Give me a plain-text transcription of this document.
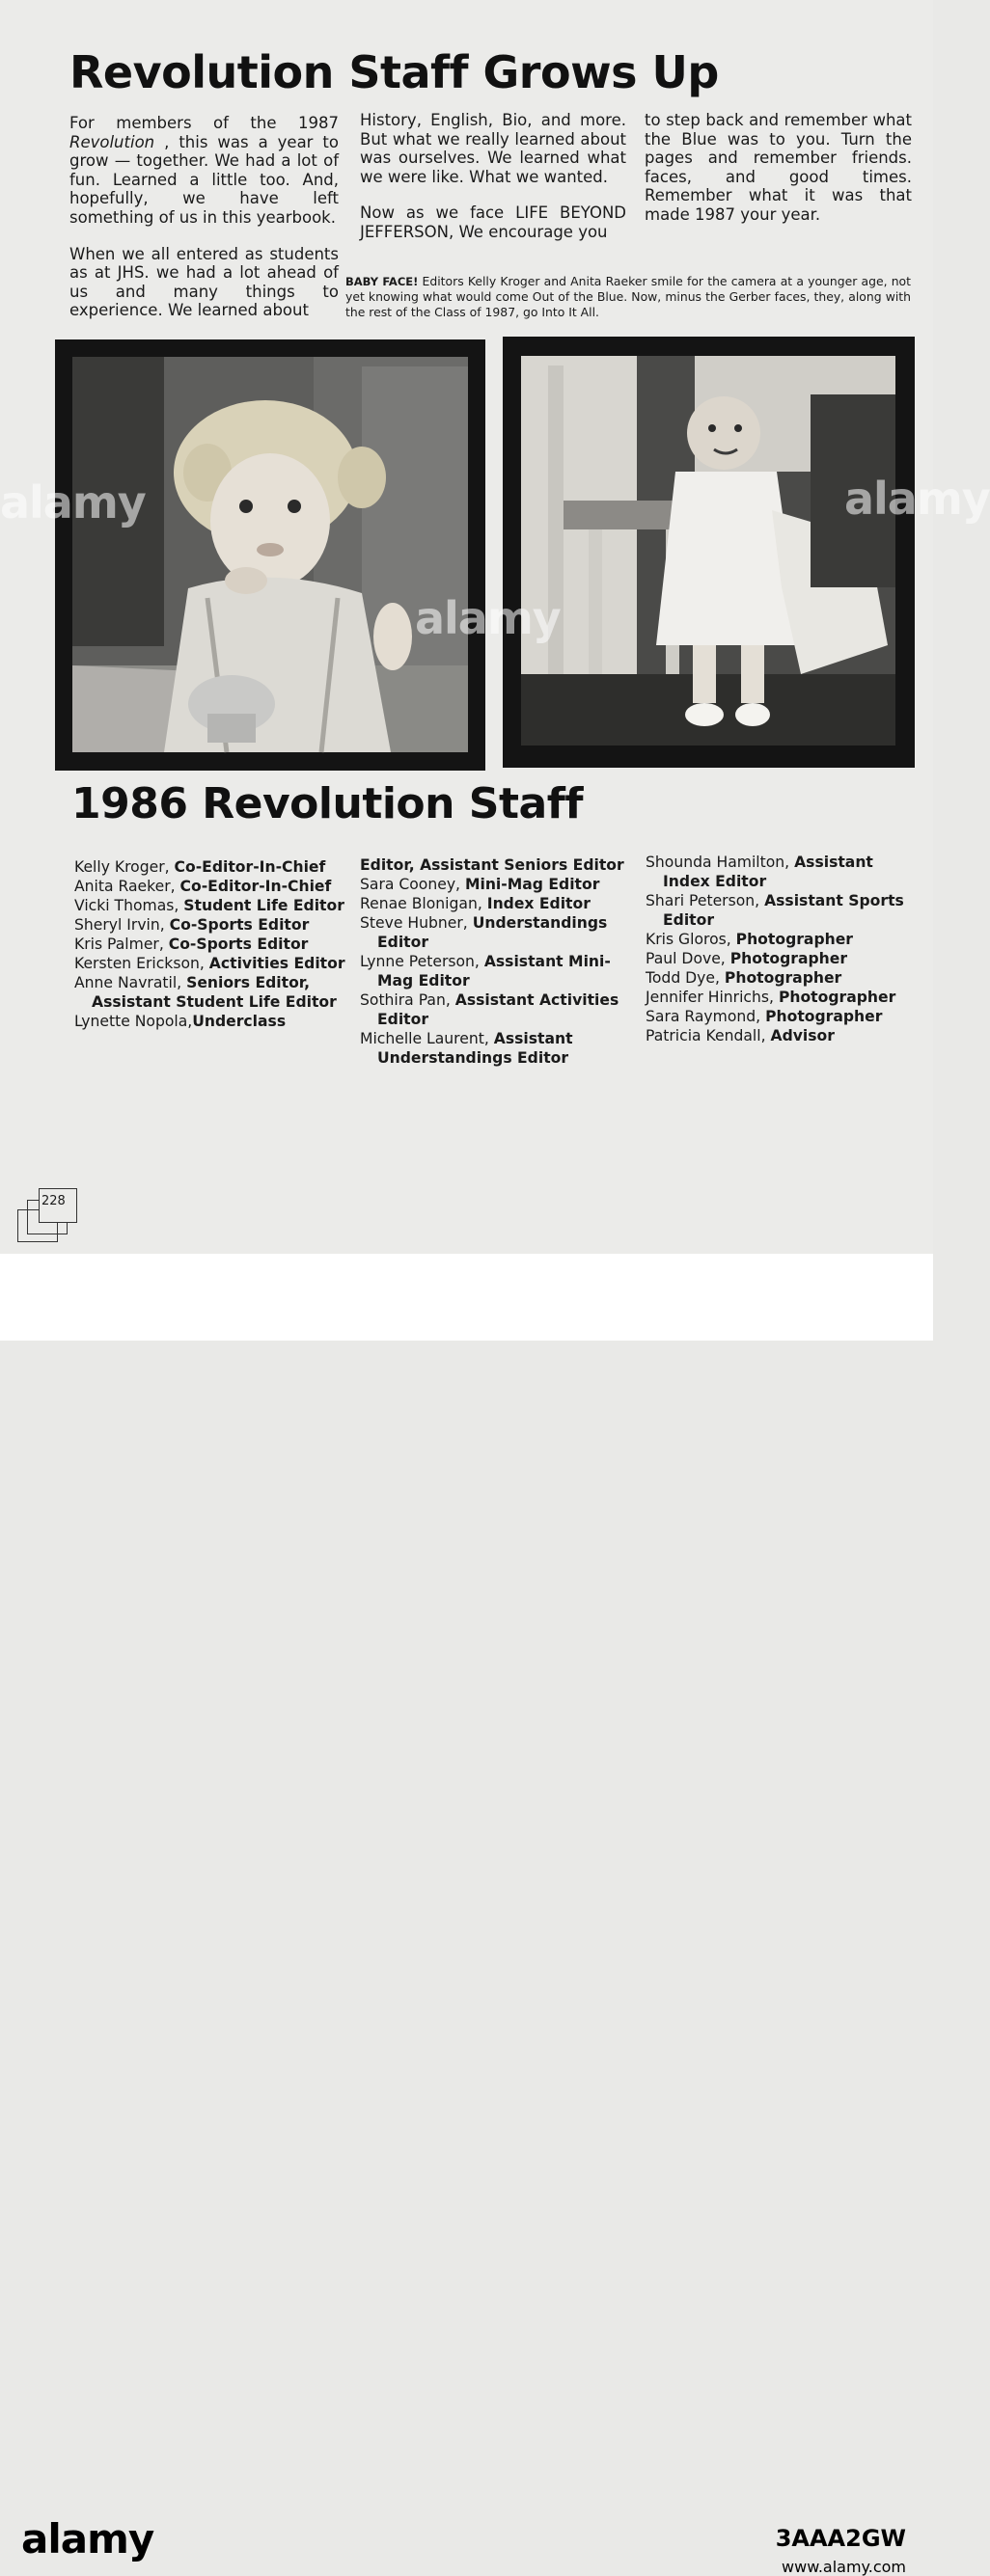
Revolution Staff Grows Up

For members of the 1987 Revolution , this was a year to grow — together. We had a lot of fun. Learned a little too. And, hopefully, we have left something of us in this yearbook.

When we all entered as students as at JHS. we had a lot ahead of us and many things to experience. We learned about

History, English, Bio, and more. But what we really learned about was ourselves. We learned what we were like. What we wanted.

Now as we face LIFE BEYOND JEFFERSON, We encourage you

to step back and remember what the Blue was to you. Turn the pages and remember friends. faces, and good times. Remember what it was that made 1987 your year.

BABY FACE! Editors Kelly Kroger and Anita Raeker smile for the camera at a younger age, not yet knowing what would come Out of the Blue. Now, minus the Gerber faces, they, along with the rest of the Class of 1987, go Into It All.
1986 Revolution Staff
Kelly Kroger, Co-Editor-In-Chief
Anita Raeker, Co-Editor-In-Chief
Vicki Thomas, Student Life Editor
Sheryl Irvin, Co-Sports Editor
Kris Palmer, Co-Sports Editor
Kersten Erickson, Activities Editor
Anne Navratil, Seniors Editor, Assistant Student Life Editor
Lynette Nopola,Underclass
Editor, Assistant Seniors Editor
Sara Cooney, Mini-Mag Editor
Renae Blonigan, Index Editor
Steve Hubner, Understandings Editor
Lynne Peterson, Assistant Mini-Mag Editor
Sothira Pan, Assistant Activities Editor
Michelle Laurent, Assistant Understandings Editor
Shounda Hamilton, Assistant Index Editor
Shari Peterson, Assistant Sports Editor
Kris Gloros, Photographer
Paul Dove, Photographer
Todd Dye, Photographer
Jennifer Hinrichs, Photographer
Sara Raymond, Photographer
Patricia Kendall, Advisor
228
alamy
alamy
alamy
alamy	3AAA2GW
www.alamy.com
